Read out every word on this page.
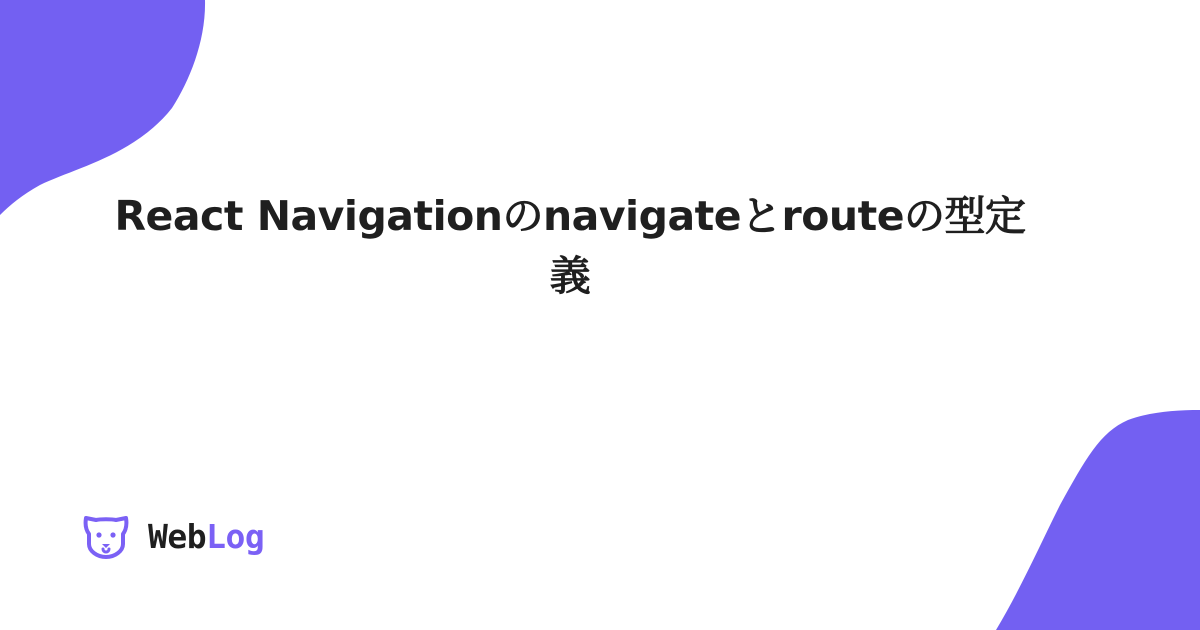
React Navigationのnavigateとrouteの型定
義
WebLog
